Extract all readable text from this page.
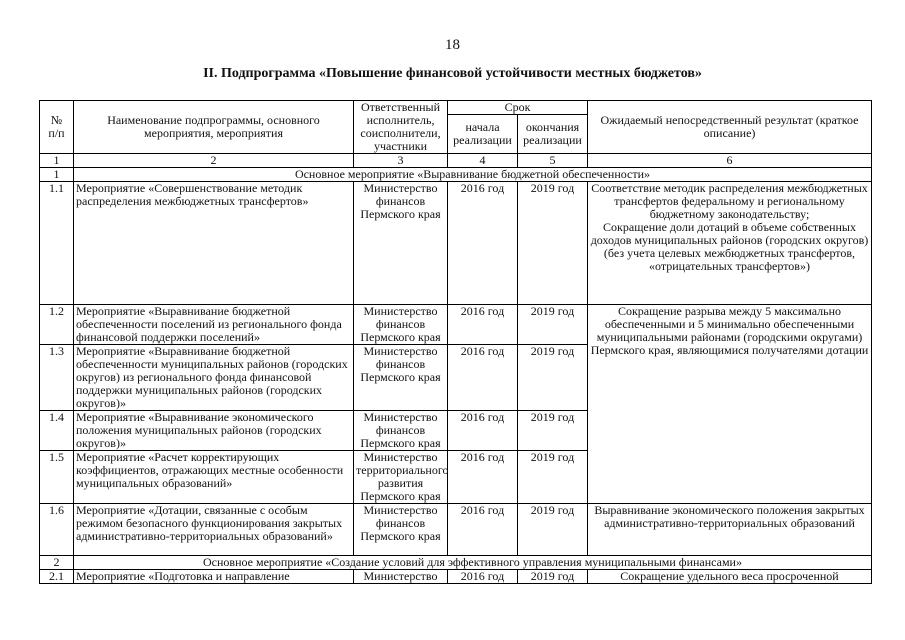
18
II. Подпрограмма «Повышение финансовой устойчивости местных бюджетов»
№
п/п	Наименование подпрограммы, основного мероприятия, мероприятия	Ответственный исполнитель, соисполнители, участники	Срок		Ожидаемый непосредственный результат (краткое описание)
			начала реализации	окончания реализации	
1	2	3	4	5	6
1	Основное мероприятие «Выравнивание бюджетной обеспеченности»				
1.1	Мероприятие «Совершенствование методик распределения межбюджетных трансфертов»	Министерство финансов Пермского края	2016 год	2019 год	Соответствие методик распределения межбюджетных трансфертов федеральному и региональному бюджетному законодательству;
Сокращение доли дотаций в объеме собственных доходов муниципальных районов (городских округов) (без учета целевых межбюджетных трансфертов, «отрицательных трансфертов»)
1.2	Мероприятие «Выравнивание бюджетной обеспеченности поселений из регионального фонда финансовой поддержки поселений»	Министерство финансов Пермского края	2016 год	2019 год	Сокращение разрыва между 5 максимально обеспеченными и 5 минимально обеспеченными муниципальными районами (городскими округами) Пермского края, являющимися получателями дотации
1.3	Мероприятие «Выравнивание бюджетной обеспеченности муниципальных районов (городских округов) из регионального фонда финансовой поддержки муниципальных районов (городских округов)»	Министерство финансов Пермского края	2016 год	2019 год	
1.4	Мероприятие «Выравнивание экономического положения муниципальных районов (городских округов)»	Министерство финансов Пермского края	2016 год	2019 год	
1.5	Мероприятие «Расчет корректирующих коэффициентов, отражающих местные особенности муниципальных образований»	Министерство территориального развития Пермского края	2016 год	2019 год	
1.6	Мероприятие «Дотации, связанные с особым режимом безопасного функционирования закрытых административно-территориальных образований»	Министерство финансов Пермского края	2016 год	2019 год	Выравнивание экономического положения закрытых административно-территориальных образований
2	Основное мероприятие «Создание условий для эффективного управления муниципальными финансами»				
2.1	Мероприятие «Подготовка и направление	Министерство	2016 год	2019 год	Сокращение удельного веса просроченной
